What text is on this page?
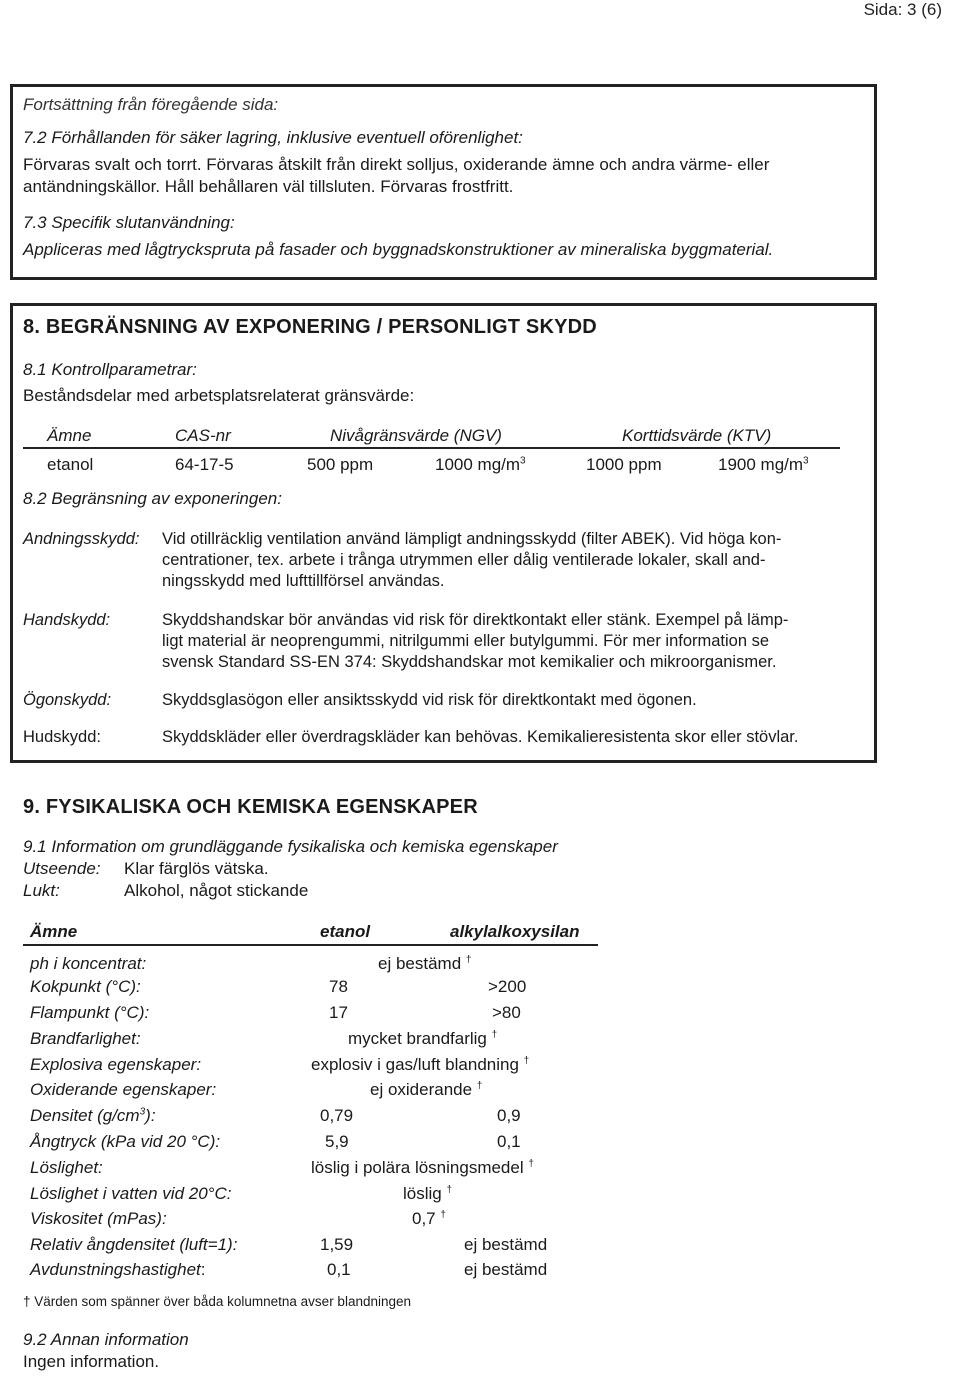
Sida: 3 (6)
Fortsättning från föregående sida:
7.2 Förhållanden för säker lagring, inklusive eventuell oförenlighet:
Förvaras svalt och torrt. Förvaras åtskilt från direkt solljus, oxiderande ämne och andra värme- eller
antändningskällor. Håll behållaren väl tillsluten. Förvaras frostfritt.
7.3 Specifik slutanvändning:
Appliceras med lågtryckspruta på fasader och byggnadskonstruktioner av mineraliska byggmaterial.
8. BEGRÄNSNING AV EXPONERING / PERSONLIGT SKYDD
8.1 Kontrollparametrar:
Beståndsdelar med arbetsplatsrelaterat gränsvärde:
Ämne	CAS-nr	Nivågränsvärde (NGV)	Korttidsvärde (KTV)
etanol	64-17-5	500 ppm	1000 $mg/m^3$	1000 ppm	1900 $mg/m^3$
8.2 Begränsning av exponeringen:
Andningsskydd: Vid otillräcklig ventilation använd lämpligt andningsskydd (filter ABEK). Vid höga kon-
centrationer, tex. arbete i trånga utrymmen eller dålig ventilerade lokaler, skall and-
ningsskydd med lufttillförsel användas.
Handskydd:	Skyddshandskar bör användas vid risk för direktkontakt eller stänk. Exempel på lämp-
ligt material är neoprengummi, nitrilgummi eller butylgummi. För mer information se
svensk Standard SS-EN 374: Skyddshandskar mot kemikalier och mikroorganismer.
Ögonskydd:	Skyddsglasögon eller ansiktsskydd vid risk för direktkontakt med ögonen.
Hudskydd:	Skyddskläder eller överdragskläder kan behövas. Kemikalieresistenta skor eller stövlar.
9. FYSIKALISKA OCH KEMISKA EGENSKAPER
9.1 Information om grundläggande fysikaliska och kemiska egenskaper
Utseende: Klar färglös vätska.
Lukt:	Alkohol, något stickande
Ämne	etanol	alkylalkoxysilan
ph i koncentrat:	ej bestämd †
Kokpunkt (°C):	78	>200
Flampunkt (°C):	17	>80
Brandfarlighet:	mycket brandfarlig †
Explosiva egenskaper:	explosiv i gas/luft blandning †
Oxiderande egenskaper:	ej oxiderande †
Densitet $(g/cm^3)$:	0,79	0,9
Ångtryck (kPa vid 20 °C):	5,9	0,1
Löslighet:	löslig i polära lösningsmedel †
Löslighet i vatten vid 20°C:	löslig †
Viskositet (mPas):	0,7 †
Relativ ångdensitet (luft=1):	1,59	ej bestämd
Avdunstningshastighet:	0,1	ej bestämd
† Värden som spänner över båda kolumnetna avser blandningen
9.2 Annan information
Ingen information.
